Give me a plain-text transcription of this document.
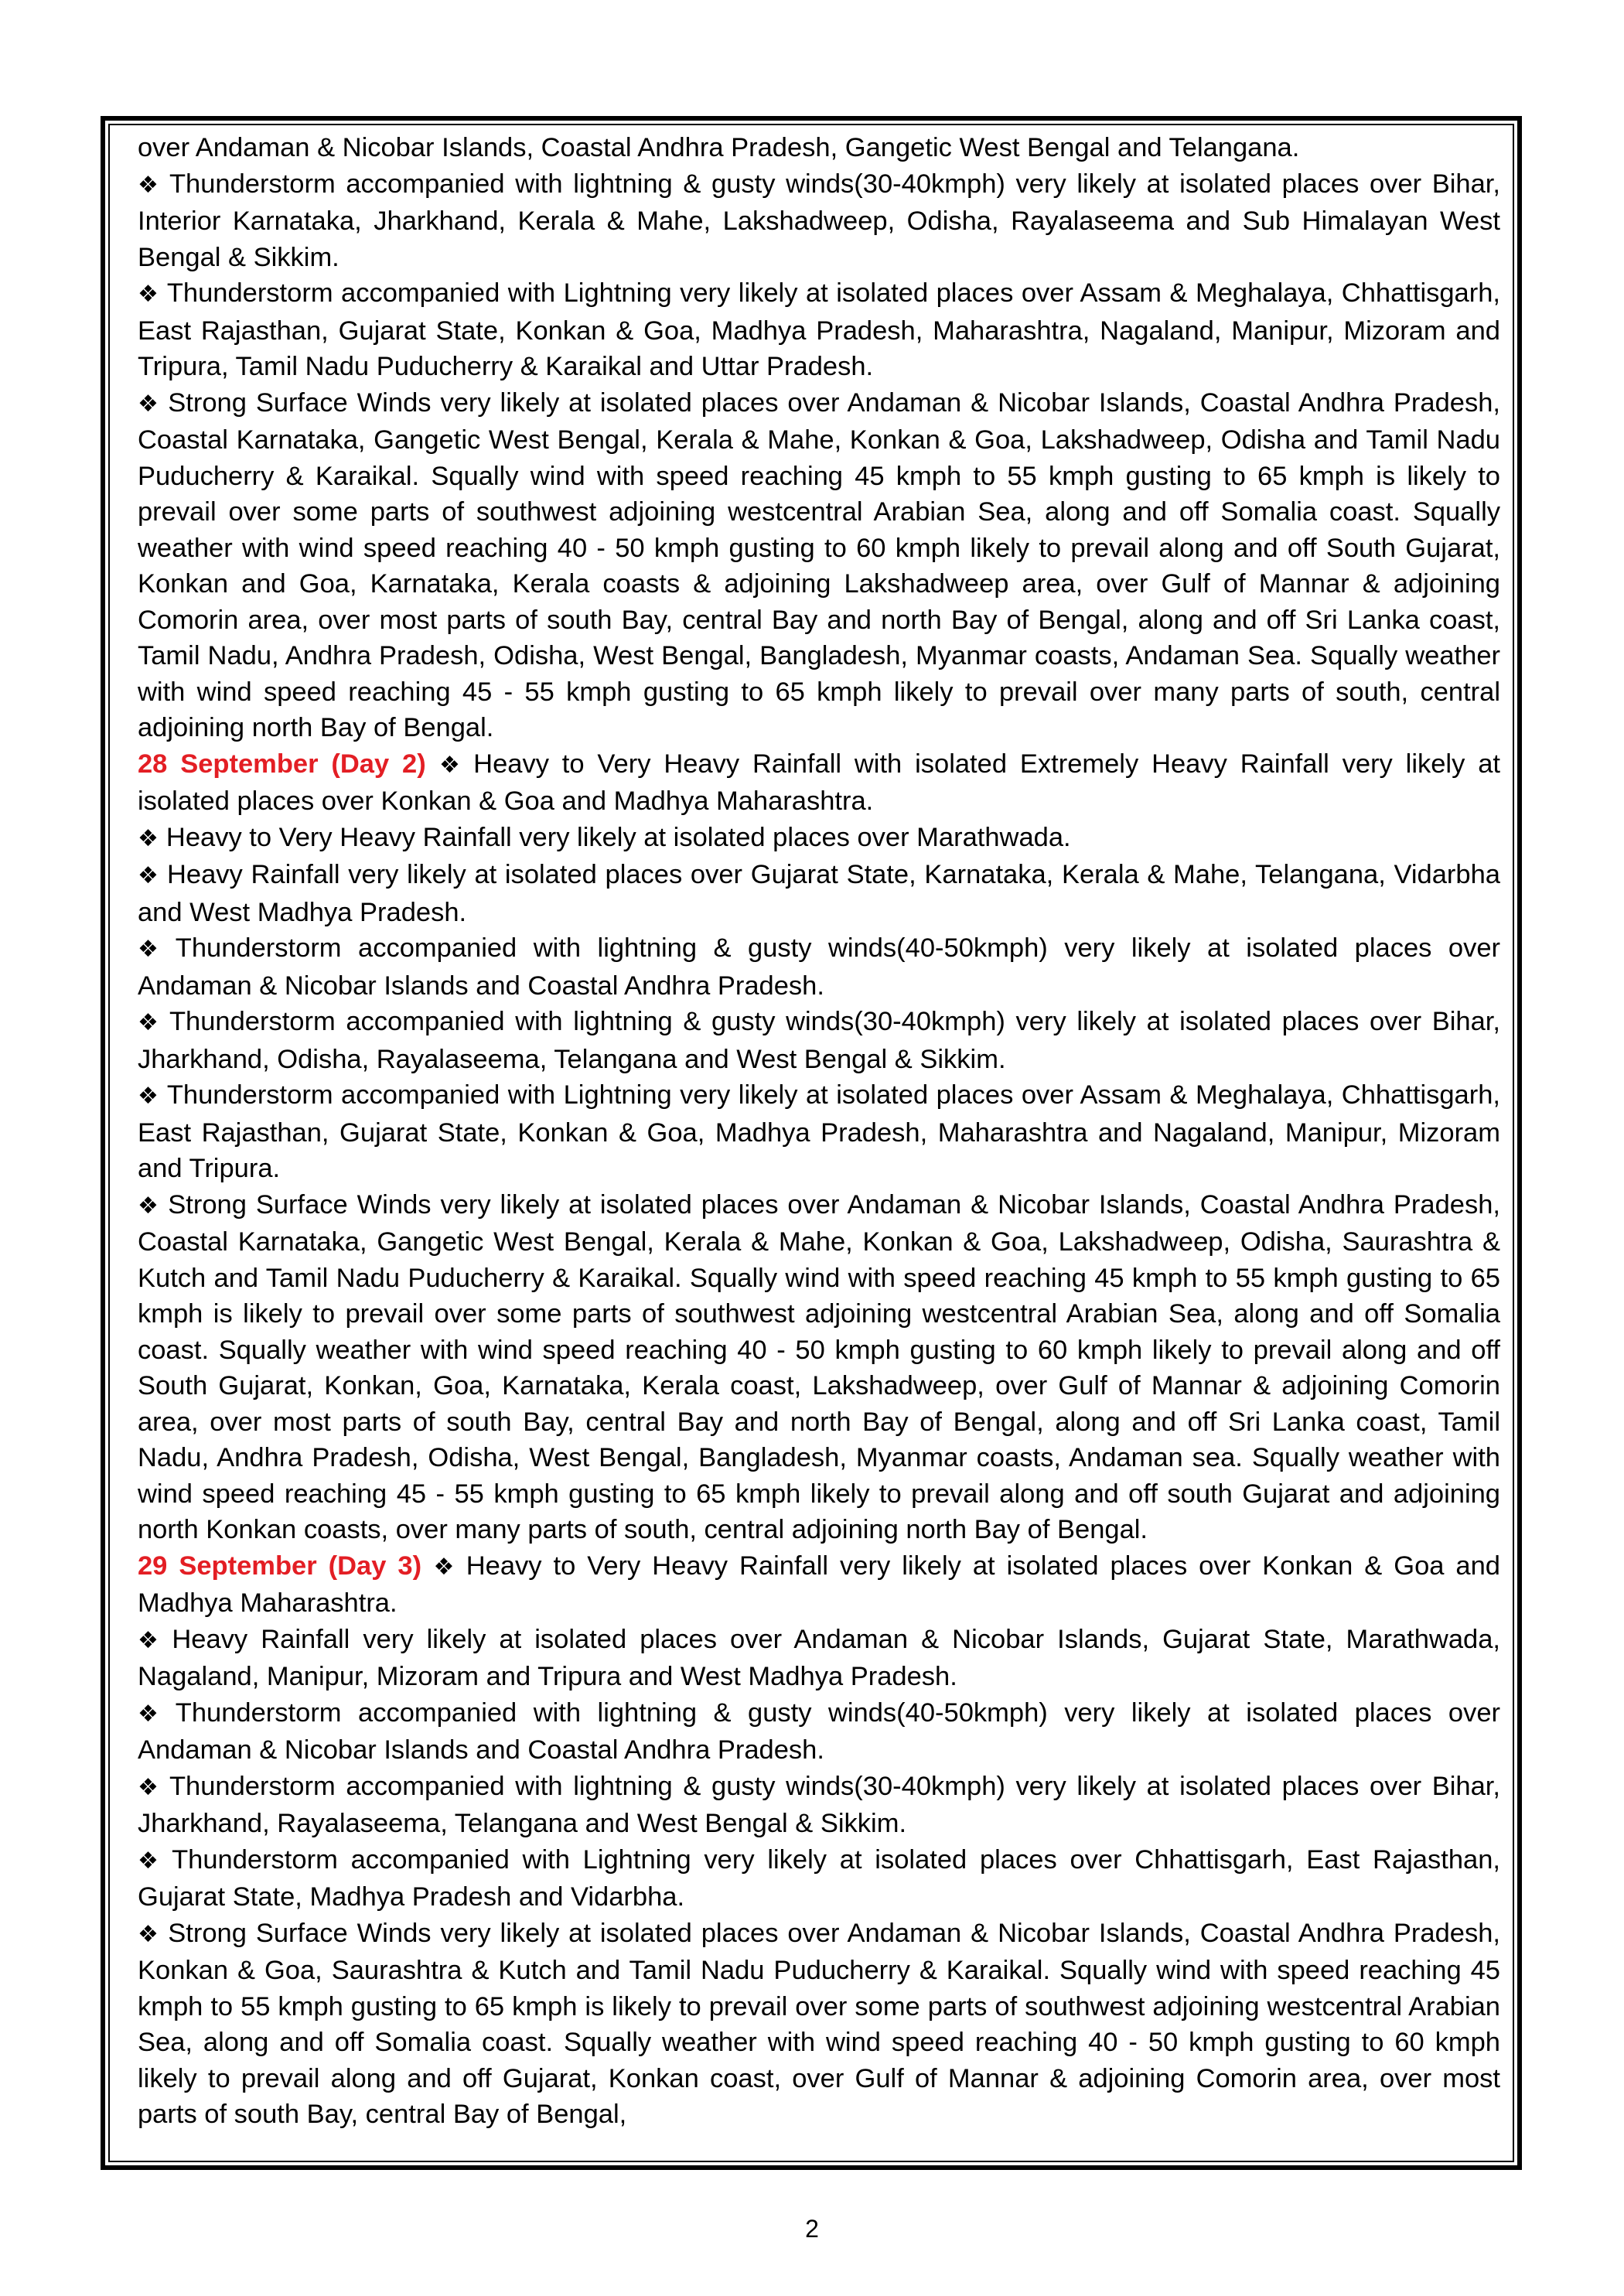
over Andaman & Nicobar Islands, Coastal Andhra Pradesh, Gangetic West Bengal and Telangana.
❖ Thunderstorm accompanied with lightning & gusty winds(30-40kmph) very likely at isolated places over Bihar, Interior Karnataka, Jharkhand, Kerala & Mahe, Lakshadweep, Odisha, Rayalaseema and Sub Himalayan West Bengal & Sikkim.
❖ Thunderstorm accompanied with Lightning very likely at isolated places over Assam & Meghalaya, Chhattisgarh, East Rajasthan, Gujarat State, Konkan & Goa, Madhya Pradesh, Maharashtra, Nagaland, Manipur, Mizoram and Tripura, Tamil Nadu Puducherry & Karaikal and Uttar Pradesh.
❖ Strong Surface Winds very likely at isolated places over Andaman & Nicobar Islands, Coastal Andhra Pradesh, Coastal Karnataka, Gangetic West Bengal, Kerala & Mahe, Konkan & Goa, Lakshadweep, Odisha and Tamil Nadu Puducherry & Karaikal. Squally wind with speed reaching 45 kmph to 55 kmph gusting to 65 kmph is likely to prevail over some parts of southwest adjoining westcentral Arabian Sea, along and off Somalia coast. Squally weather with wind speed reaching 40 - 50 kmph gusting to 60 kmph likely to prevail along and off South Gujarat, Konkan and Goa, Karnataka, Kerala coasts & adjoining Lakshadweep area, over Gulf of Mannar & adjoining Comorin area, over most parts of south Bay, central Bay and north Bay of Bengal, along and off Sri Lanka coast, Tamil Nadu, Andhra Pradesh, Odisha, West Bengal, Bangladesh, Myanmar coasts, Andaman Sea. Squally weather with wind speed reaching 45 - 55 kmph gusting to 65 kmph likely to prevail over many parts of south, central adjoining north Bay of Bengal.
28 September (Day 2) ❖ Heavy to Very Heavy Rainfall with isolated Extremely Heavy Rainfall very likely at isolated places over Konkan & Goa and Madhya Maharashtra.
❖ Heavy to Very Heavy Rainfall very likely at isolated places over Marathwada.
❖ Heavy Rainfall very likely at isolated places over Gujarat State, Karnataka, Kerala & Mahe, Telangana, Vidarbha and West Madhya Pradesh.
❖ Thunderstorm accompanied with lightning & gusty winds(40-50kmph) very likely at isolated places over Andaman & Nicobar Islands and Coastal Andhra Pradesh.
❖ Thunderstorm accompanied with lightning & gusty winds(30-40kmph) very likely at isolated places over Bihar, Jharkhand, Odisha, Rayalaseema, Telangana and West Bengal & Sikkim.
❖ Thunderstorm accompanied with Lightning very likely at isolated places over Assam & Meghalaya, Chhattisgarh, East Rajasthan, Gujarat State, Konkan & Goa, Madhya Pradesh, Maharashtra and Nagaland, Manipur, Mizoram and Tripura.
❖ Strong Surface Winds very likely at isolated places over Andaman & Nicobar Islands, Coastal Andhra Pradesh, Coastal Karnataka, Gangetic West Bengal, Kerala & Mahe, Konkan & Goa, Lakshadweep, Odisha, Saurashtra & Kutch and Tamil Nadu Puducherry & Karaikal. Squally wind with speed reaching 45 kmph to 55 kmph gusting to 65 kmph is likely to prevail over some parts of southwest adjoining westcentral Arabian Sea, along and off Somalia coast. Squally weather with wind speed reaching 40 - 50 kmph gusting to 60 kmph likely to prevail along and off South Gujarat, Konkan, Goa, Karnataka, Kerala coast, Lakshadweep, over Gulf of Mannar & adjoining Comorin area, over most parts of south Bay, central Bay and north Bay of Bengal, along and off Sri Lanka coast, Tamil Nadu, Andhra Pradesh, Odisha, West Bengal, Bangladesh, Myanmar coasts, Andaman sea. Squally weather with wind speed reaching 45 - 55 kmph gusting to 65 kmph likely to prevail along and off south Gujarat and adjoining north Konkan coasts, over many parts of south, central adjoining north Bay of Bengal.
29 September (Day 3) ❖ Heavy to Very Heavy Rainfall very likely at isolated places over Konkan & Goa and Madhya Maharashtra.
❖ Heavy Rainfall very likely at isolated places over Andaman & Nicobar Islands, Gujarat State, Marathwada, Nagaland, Manipur, Mizoram and Tripura and West Madhya Pradesh.
❖ Thunderstorm accompanied with lightning & gusty winds(40-50kmph) very likely at isolated places over Andaman & Nicobar Islands and Coastal Andhra Pradesh.
❖ Thunderstorm accompanied with lightning & gusty winds(30-40kmph) very likely at isolated places over Bihar, Jharkhand, Rayalaseema, Telangana and West Bengal & Sikkim.
❖ Thunderstorm accompanied with Lightning very likely at isolated places over Chhattisgarh, East Rajasthan, Gujarat State, Madhya Pradesh and Vidarbha.
❖ Strong Surface Winds very likely at isolated places over Andaman & Nicobar Islands, Coastal Andhra Pradesh, Konkan & Goa, Saurashtra & Kutch and Tamil Nadu Puducherry & Karaikal. Squally wind with speed reaching 45 kmph to 55 kmph gusting to 65 kmph is likely to prevail over some parts of southwest adjoining westcentral Arabian Sea, along and off Somalia coast. Squally weather with wind speed reaching 40 - 50 kmph gusting to 60 kmph likely to prevail along and off Gujarat, Konkan coast, over Gulf of Mannar & adjoining Comorin area, over most parts of south Bay, central Bay of Bengal,
2
